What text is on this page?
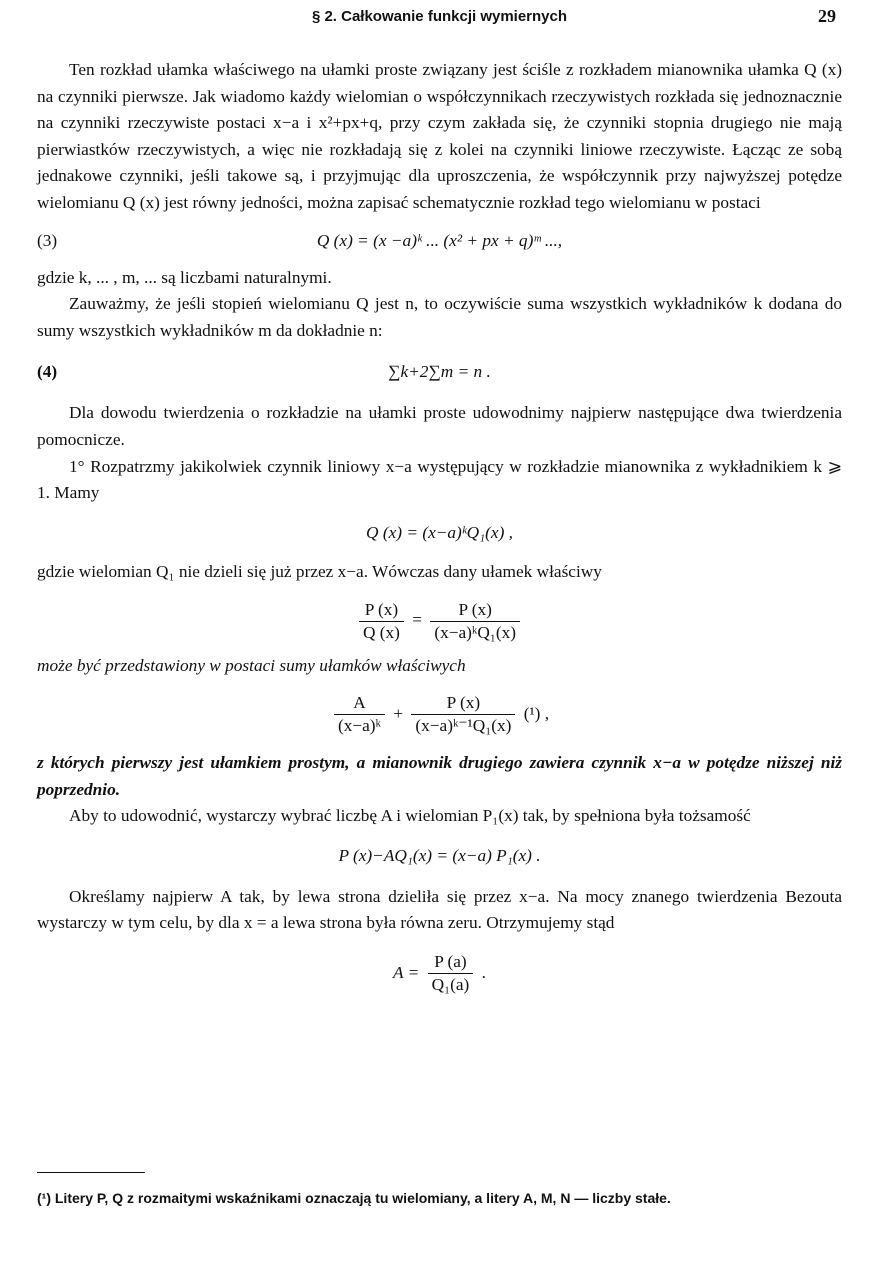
§ 2. Całkowanie funkcji wymiernych	29

Ten rozkład ułamka właściwego na ułamki proste związany jest ściśle z rozkładem mianownika ułamka Q (x) na czynniki pierwsze. Jak wiadomo każdy wielomian o współczynnikach rzeczywistych rozkłada się jednoznacznie na czynniki rzeczywiste postaci x−a i x²+px+q, przy czym zakłada się, że czynniki stopnia drugiego nie mają pierwiastków rzeczywistych, a więc nie rozkładają się z kolei na czynniki liniowe rzeczywiste. Łącząc ze sobą jednakowe czynniki, jeśli takowe są, i przyjmując dla uproszczenia, że współczynnik przy najwyższej potędze wielomianu Q (x) jest równy jedności, można zapisać schematycznie rozkład tego wielomianu w postaci

(3)	Q (x) = (x −a)ᵏ ... (x² + px + q)ᵐ ...,

gdzie k, ... , m, ... są liczbami naturalnymi.

Zauważmy, że jeśli stopień wielomianu Q jest n, to oczywiście suma wszystkich wykładników k dodana do sumy wszystkich wykładników m da dokładnie n:

(4)	∑k+2∑m = n .

Dla dowodu twierdzenia o rozkładzie na ułamki proste udowodnimy najpierw następujące dwa twierdzenia pomocnicze.

1° Rozpatrzmy jakikolwiek czynnik liniowy x−a występujący w rozkładzie mianownika z wykładnikiem k ⩾ 1. Mamy

Q (x) = (x−a)ᵏQ₁(x) ,

gdzie wielomian Q₁ nie dzieli się już przez x−a. Wówczas dany ułamek właściwy

$\frac{P (x)}{Q (x)} = \frac{P (x)}{\text{(x−a)ᵏQ₁(x)}}$

może być przedstawiony w postaci sumy ułamków właściwych

$\frac{A}{\text{(x−a)ᵏ}} + \frac{P (x)}{\text{(x−a)ᵏ⁻¹Q₁(x)}} (^1)$ ,

z których pierwszy jest ułamkiem prostym, a mianownik drugiego zawiera czynnik x−a w potędze niższej niż poprzednio.

Aby to udowodnić, wystarczy wybrać liczbę A i wielomian P₁(x) tak, by spełniona była tożsamość

P (x)−AQ₁(x) = (x−a) P₁(x) .

Określamy najpierw A tak, by lewa strona dzieliła się przez x−a. Na mocy znanego twierdzenia Bezouta wystarczy w tym celu, by dla x = a lewa strona była równa zeru. Otrzymujemy stąd

$A = \frac{P (a)}{\text{Q₁(a)}}$ .
(¹) Litery P, Q z rozmaitymi wskaźnikami oznaczają tu wielomiany, a litery A, M, N — liczby stałe.
